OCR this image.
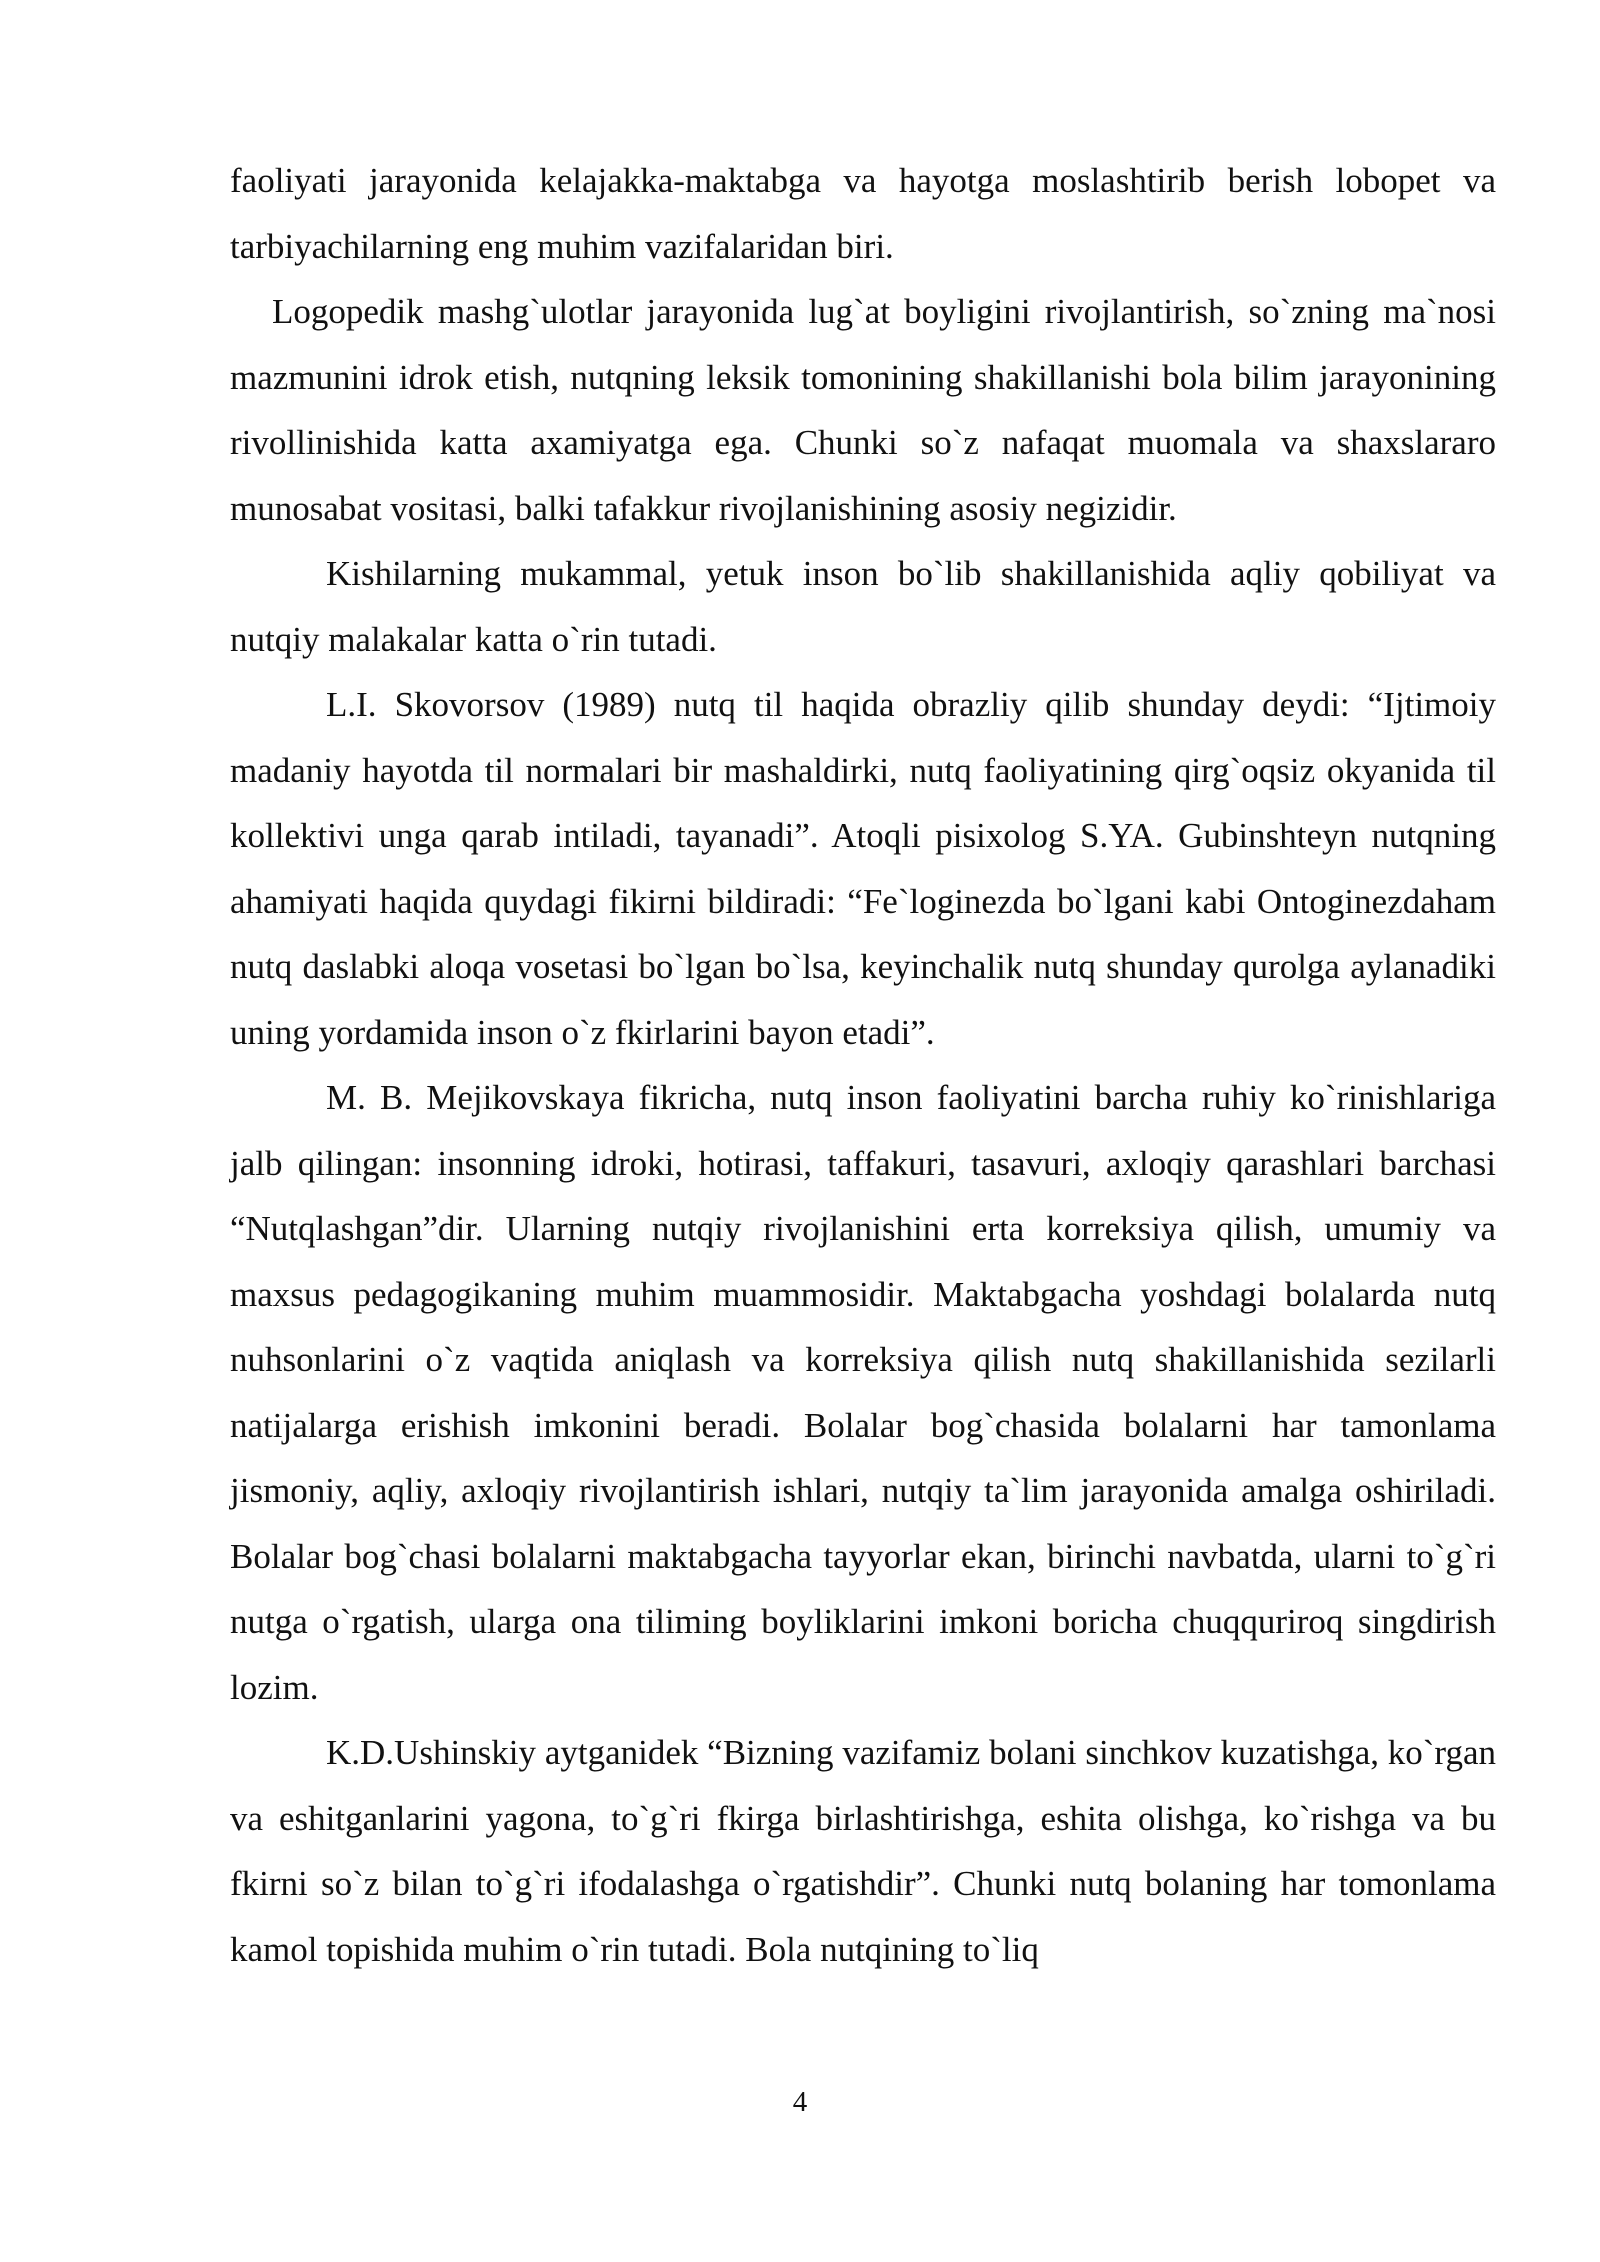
faoliyati jarayonida kelajakka-maktabga va hayotga moslashtirib berish lobopet va tarbiyachilarning eng muhim vazifalaridan biri.

Logopedik mashg`ulotlar jarayonida lug`at boyligini rivojlantirish, so`zning ma`nosi mazmunini idrok etish, nutqning leksik tomonining shakillanishi bola bilim jarayonining rivollinishida katta axamiyatga ega. Chunki so`z nafaqat muomala va shaxslararo munosabat vositasi, balki tafakkur rivojlanishining asosiy negizidir.

Kishilarning mukammal, yetuk inson bo`lib shakillanishida aqliy qobiliyat va nutqiy malakalar katta o`rin tutadi.

L.I. Skovorsov (1989) nutq til haqida obrazliy qilib shunday deydi: “Ijtimoiy madaniy hayotda til normalari bir mashaldirki, nutq faoliyatining qirg`oqsiz okyanida til kollektivi unga qarab intiladi, tayanadi”. Atoqli pisixolog S.YA. Gubinshteyn nutqning ahamiyati haqida quydagi fikirni bildiradi: “Fe`loginezda bo`lgani kabi Ontoginezdaham nutq daslabki aloqa vosetasi bo`lgan bo`lsa, keyinchalik nutq shunday qurolga aylanadiki uning yordamida inson o`z fkirlarini bayon etadi”.

M. B. Mejikovskaya fikricha, nutq inson faoliyatini barcha ruhiy ko`rinishlariga jalb qilingan: insonning idroki, hotirasi, taffakuri, tasavuri, axloqiy qarashlari barchasi “Nutqlashgan”dir. Ularning nutqiy rivojlanishini erta korreksiya qilish, umumiy va maxsus pedagogikaning muhim muammosidir. Maktabgacha yoshdagi bolalarda nutq nuhsonlarini o`z vaqtida aniqlash va korreksiya qilish nutq shakillanishida sezilarli natijalarga erishish imkonini beradi. Bolalar bog`chasida bolalarni har tamonlama jismoniy, aqliy, axloqiy rivojlantirish ishlari, nutqiy ta`lim jarayonida amalga oshiriladi. Bolalar bog`chasi bolalarni maktabgacha tayyorlar ekan, birinchi navbatda, ularni to`g`ri nutga o`rgatish, ularga ona tiliming boyliklarini imkoni boricha chuqquriroq singdirish lozim.

K.D.Ushinskiy aytganidek “Bizning vazifamiz bolani sinchkov kuzatishga, ko`rgan va eshitganlarini yagona, to`g`ri fkirga birlashtirishga, eshita olishga, ko`rishga va bu fkirni so`z bilan to`g`ri ifodalashga o`rgatishdir”. Chunki nutq bolaning har tomonlama kamol topishida muhim o`rin tutadi. Bola nutqining to`liq

4
